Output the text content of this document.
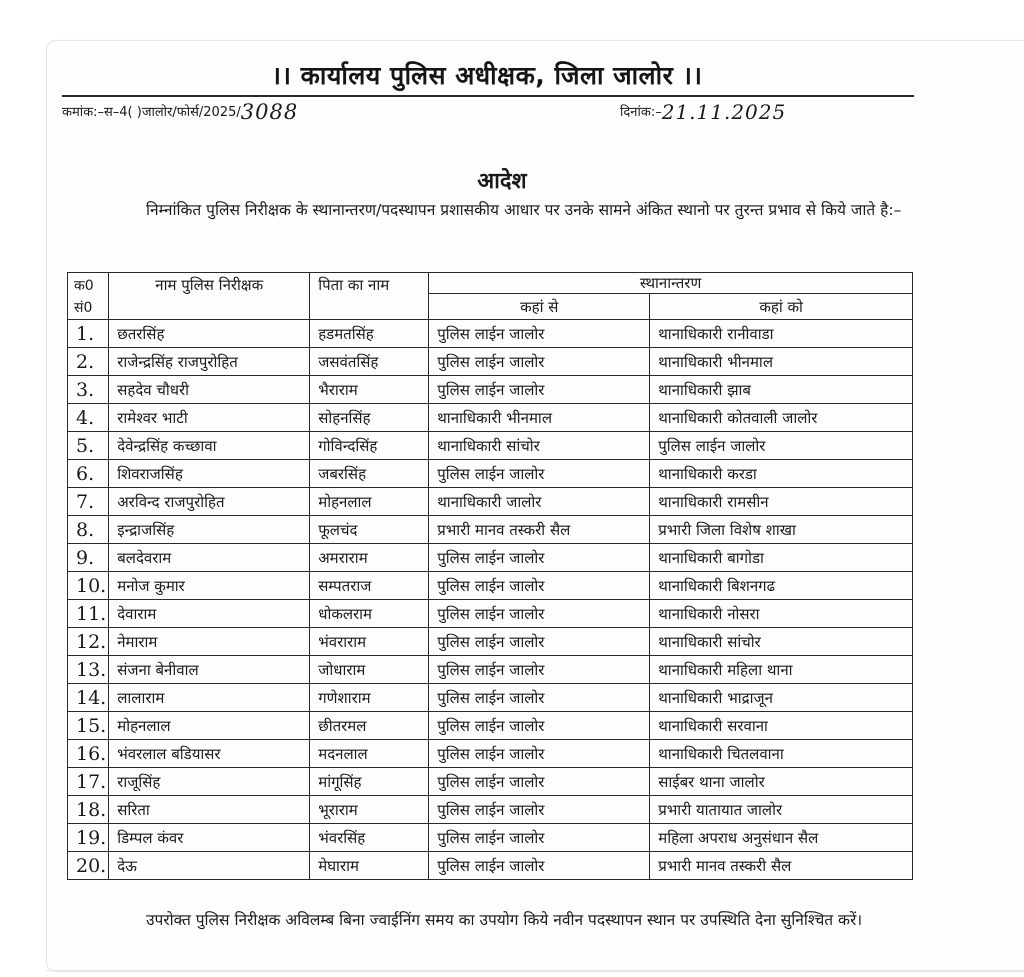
।। कार्यालय पुलिस अधीक्षक, जिला जालोर ।।
कमांक:–स–4( )जालोर/फोर्स/2025/3088	दिनांक:–21.11.2025
आदेश
निम्नांकित पुलिस निरीक्षक के स्थानान्तरण/पदस्थापन प्रशासकीय आधार पर उनके सामने अंकित स्थानो पर तुरन्त प्रभाव से किये जाते है:–
क0
सं0	नाम पुलिस निरीक्षक	पिता का नाम	स्थानान्तरण	
			कहां से	कहां को
1.	छतरसिंह	हडमतसिंह	पुलिस लाईन जालोर	थानाधिकारी रानीवाडा
2.	राजेन्द्रसिंह राजपुरोहित	जसवंतसिंह	पुलिस लाईन जालोर	थानाधिकारी भीनमाल
3.	सहदेव चौधरी	भैराराम	पुलिस लाईन जालोर	थानाधिकारी झाब
4.	रामेश्वर भाटी	सोहनसिंह	थानाधिकारी भीनमाल	थानाधिकारी कोतवाली जालोर
5.	देवेन्द्रसिंह कच्छावा	गोविन्दसिंह	थानाधिकारी सांचोर	पुलिस लाईन जालोर
6.	शिवराजसिंह	जबरसिंह	पुलिस लाईन जालोर	थानाधिकारी करडा
7.	अरविन्द राजपुरोहित	मोहनलाल	थानाधिकारी जालोर	थानाधिकारी रामसीन
8.	इन्द्राजसिंह	फूलचंद	प्रभारी मानव तस्करी सैल	प्रभारी जिला विशेष शाखा
9.	बलदेवराम	अमराराम	पुलिस लाईन जालोर	थानाधिकारी बागोडा
10.	मनोज कुमार	सम्पतराज	पुलिस लाईन जालोर	थानाधिकारी बिशनगढ
11.	देवाराम	धोकलराम	पुलिस लाईन जालोर	थानाधिकारी नोसरा
12.	नेमाराम	भंवराराम	पुलिस लाईन जालोर	थानाधिकारी सांचोर
13.	संजना बेनीवाल	जोधाराम	पुलिस लाईन जालोर	थानाधिकारी महिला थाना
14.	लालाराम	गणेशाराम	पुलिस लाईन जालोर	थानाधिकारी भाद्राजून
15.	मोहनलाल	छीतरमल	पुलिस लाईन जालोर	थानाधिकारी सरवाना
16.	भंवरलाल बडियासर	मदनलाल	पुलिस लाईन जालोर	थानाधिकारी चितलवाना
17.	राजूसिंह	मांगूसिंह	पुलिस लाईन जालोर	साईबर थाना जालोर
18.	सरिता	भूराराम	पुलिस लाईन जालोर	प्रभारी यातायात जालोर
19.	डिम्पल कंवर	भंवरसिंह	पुलिस लाईन जालोर	महिला अपराध अनुसंधान सैल
20.	देऊ	मेघाराम	पुलिस लाईन जालोर	प्रभारी मानव तस्करी सैल
उपरोक्त पुलिस निरीक्षक अविलम्ब बिना ज्वाईनिंग समय का उपयोग किये नवीन पदस्थापन स्थान पर उपस्थिति देना सुनिश्चित करें।
